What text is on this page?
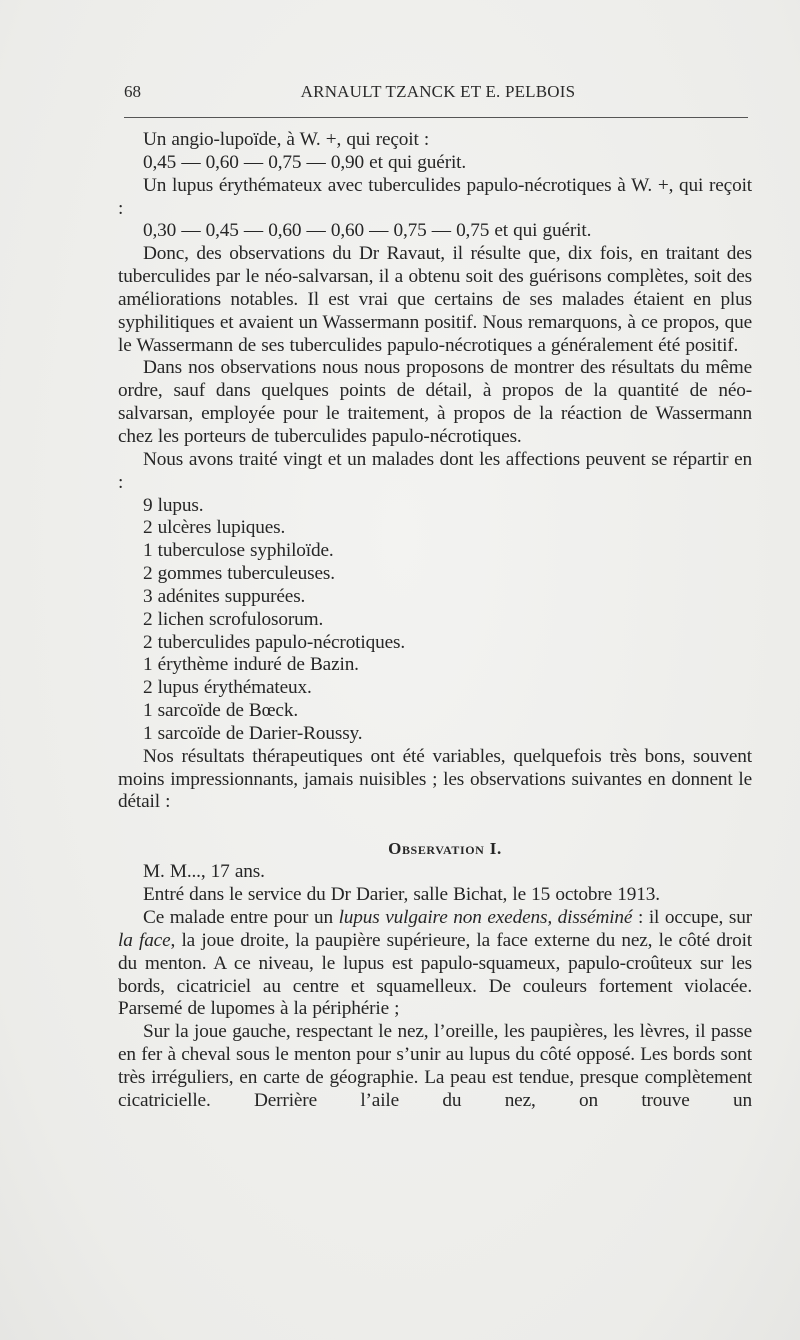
68	ARNAULT TZANCK ET E. PELBOIS

Un angio-lupoïde, à W. +, qui reçoit :

0,45 — 0,60 — 0,75 — 0,90 et qui guérit.

Un lupus érythémateux avec tuberculides papulo-nécrotiques à W. +, qui reçoit :

0,30 — 0,45 — 0,60 — 0,60 — 0,75 — 0,75 et qui guérit.

Donc, des observations du Dr Ravaut, il résulte que, dix fois, en traitant des tuberculides par le néo-salvarsan, il a obtenu soit des guérisons complètes, soit des améliorations notables. Il est vrai que certains de ses malades étaient en plus syphilitiques et avaient un Wassermann positif. Nous remarquons, à ce propos, que le Wassermann de ses tuberculides papulo-nécrotiques a généralement été positif.

Dans nos observations nous nous proposons de montrer des résultats du même ordre, sauf dans quelques points de détail, à propos de la quantité de néo-salvarsan, employée pour le traitement, à propos de la réaction de Wassermann chez les porteurs de tuberculides papulo-nécrotiques.

Nous avons traité vingt et un malades dont les affections peuvent se répartir en :

9 lupus.
2 ulcères lupiques.
1 tuberculose syphiloïde.
2 gommes tuberculeuses.
3 adénites suppurées.
2 lichen scrofulosorum.
2 tuberculides papulo-nécrotiques.
1 érythème induré de Bazin.
2 lupus érythémateux.
1 sarcoïde de Bœck.
1 sarcoïde de Darier-Roussy.

Nos résultats thérapeutiques ont été variables, quelquefois très bons, souvent moins impressionnants, jamais nuisibles ; les observations suivantes en donnent le détail :

Observation I.

M. M..., 17 ans.

Entré dans le service du Dr Darier, salle Bichat, le 15 octobre 1913.

Ce malade entre pour un lupus vulgaire non exedens, disséminé : il occupe, sur la face, la joue droite, la paupière supérieure, la face externe du nez, le côté droit du menton. A ce niveau, le lupus est papulo-squameux, papulo-croûteux sur les bords, cicatriciel au centre et squamelleux. De couleurs fortement violacée. Parsemé de lupomes à la périphérie ;

Sur la joue gauche, respectant le nez, l’oreille, les paupières, les lèvres, il passe en fer à cheval sous le menton pour s’unir au lupus du côté opposé. Les bords sont très irréguliers, en carte de géographie. La peau est tendue, presque complètement cicatricielle. Derrière l’aile du nez, on trouve un
